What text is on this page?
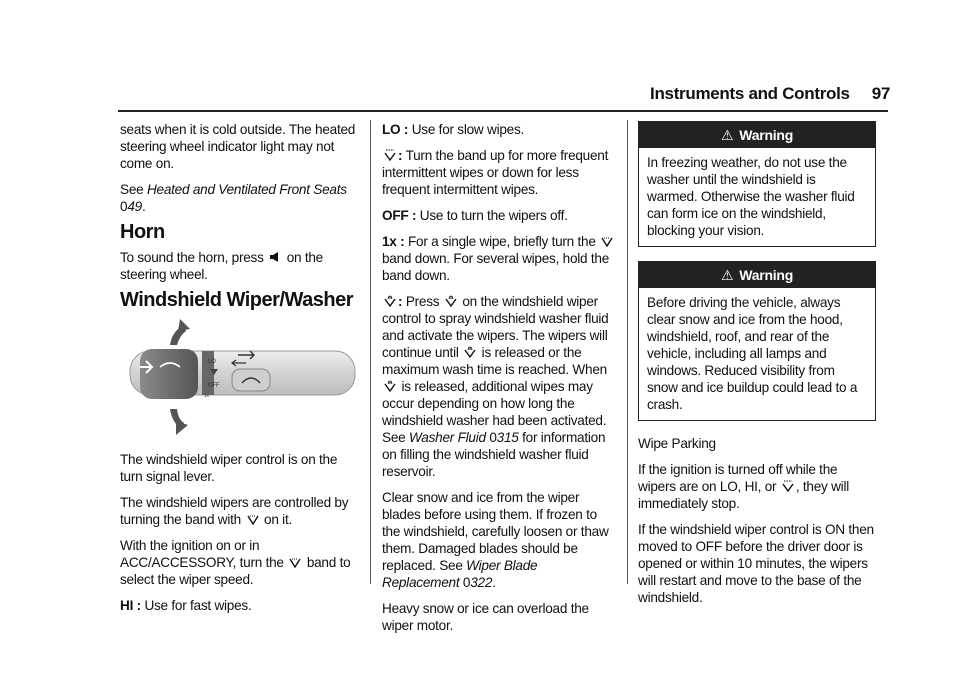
Instruments and Controls 97

seats when it is cold outside. The heated steering wheel indicator light may not come on.

See Heated and Ventilated Front Seats 049.

Horn

To sound the horn, press on the steering wheel.

Windshield Wiper/Washer
LO
OFF
1x

The windshield wiper control is on the turn signal lever.

The windshield wipers are controlled by turning the band with on it.

With the ignition on or in ACC/ACCESSORY, turn the band to select the wiper speed.

HI : Use for fast wipes.

LO : Use for slow wipes.

: Turn the band up for more frequent intermittent wipes or down for less frequent intermittent wipes.

OFF : Use to turn the wipers off.

1x : For a single wipe, briefly turn the  band down. For several wipes, hold the band down.

: Press on the windshield wiper control to spray windshield washer fluid and activate the wipers. The wipers will continue until is released or the maximum wash time is reached. When  is released, additional wipes may occur depending on how long the windshield washer had been activated. See Washer Fluid 0315 for information on filling the windshield washer fluid reservoir.

Clear snow and ice from the wiper blades before using them. If frozen to the windshield, carefully loosen or thaw them. Damaged blades should be replaced. See Wiper Blade Replacement 0322.

Heavy snow or ice can overload the wiper motor.

⚠ Warning
In freezing weather, do not use the washer until the windshield is warmed. Otherwise the washer fluid can form ice on the windshield, blocking your vision.
⚠ Warning
Before driving the vehicle, always clear snow and ice from the hood, windshield, roof, and rear of the vehicle, including all lamps and windows. Reduced visibility from snow and ice buildup could lead to a crash.

Wipe Parking

If the ignition is turned off while the wipers are on LO, HI, or , they will immediately stop.

If the windshield wiper control is ON then moved to OFF before the driver door is opened or within 10 minutes, the wipers will restart and move to the base of the windshield.
